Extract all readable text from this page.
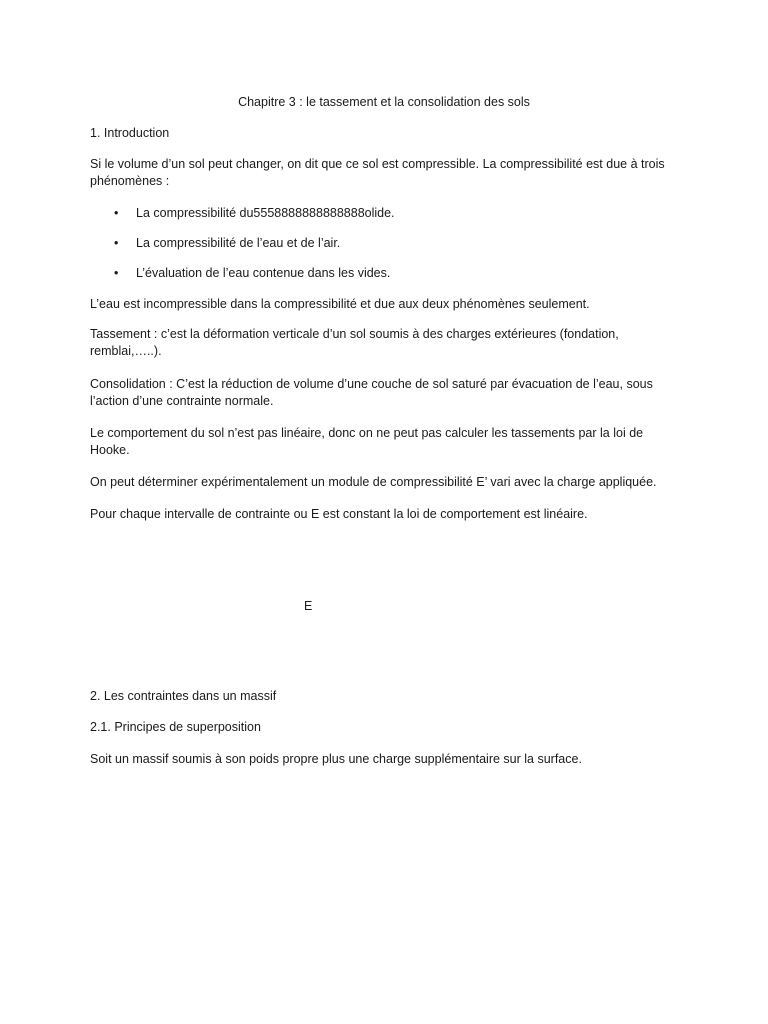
Chapitre 3 : le tassement et la consolidation des sols

1. Introduction

Si le volume d’un sol peut changer, on dit que ce sol est compressible. La compressibilité est due à trois phénomènes :

• La compressibilité du5558888888888888olide.
• La compressibilité de l’eau et de l’air.
• L’évaluation de l’eau contenue dans les vides.

L’eau est incompressible dans la compressibilité et due aux deux phénomènes seulement.

Tassement : c’est la déformation verticale d’un sol soumis à des charges extérieures (fondation, remblai,…..).

Consolidation : C’est la réduction de volume d’une couche de sol saturé par évacuation de l’eau, sous l’action d’une contrainte normale.

Le comportement du sol n’est pas linéaire, donc on ne peut pas calculer les tassements par la loi de Hooke.

On peut déterminer expérimentalement un module de compressibilité E’ vari avec la charge appliquée.

Pour chaque intervalle de contrainte ou E est constant la loi de comportement est linéaire.

E

2. Les contraintes dans un massif

2.1. Principes de superposition

Soit un massif soumis à son poids propre plus une charge supplémentaire sur la surface.
